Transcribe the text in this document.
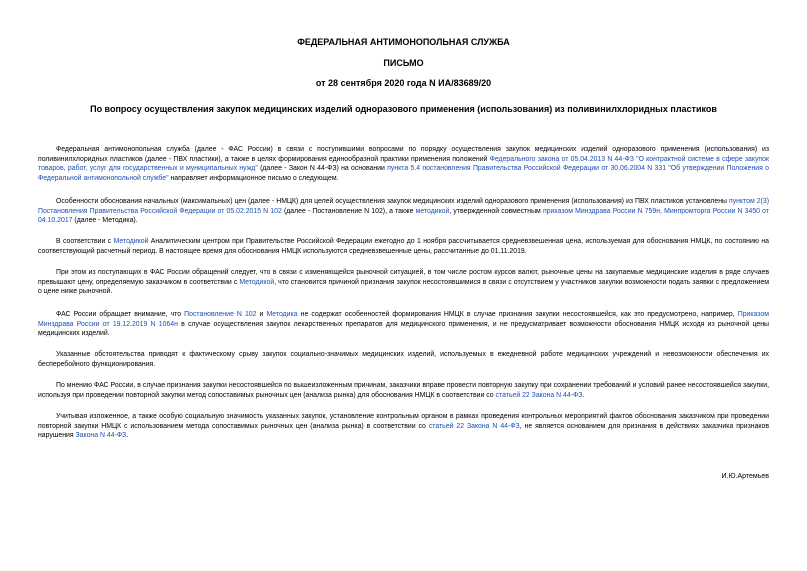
ФЕДЕРАЛЬНАЯ АНТИМОНОПОЛЬНАЯ СЛУЖБА
ПИСЬМО
от 28 сентября 2020 года N ИА/83689/20
По вопросу осуществления закупок медицинских изделий одноразового применения (использования) из поливинилхлоридных пластиков
Федеральная антимонопольная служба (далее - ФАС России) в связи с поступившими вопросами по порядку осуществления закупок медицинских изделий одноразового применения (использования) из поливинилхлоридных пластиков (далее - ПВХ пластики), а также в целях формирования единообразной практики применения положений Федерального закона от 05.04.2013 N 44-ФЗ "О контрактной системе в сфере закупок товаров, работ, услуг для государственных и муниципальных нужд" (далее - Закон N 44-ФЗ) на основании пункта 5.4 постановления Правительства Российской Федерации от 30.06.2004 N 331 "Об утверждении Положения о Федеральной антимонопольной службе" направляет информационное письмо о следующем.
Особенности обоснования начальных (максимальных) цен (далее - НМЦК) для целей осуществления закупок медицинских изделий одноразового применения (использования) из ПВХ пластиков установлены пунктом 2(3) Постановления Правительства Российской Федерации от 05.02.2015 N 102 (далее - Постановление N 102), а также методикой, утвержденной совместным приказом Минздрава России N 759н, Минпромторга России N 3450 от 04.10.2017 (далее - Методика).
В соответствии с Методикой Аналитическим центром при Правительстве Российской Федерации ежегодно до 1 ноября рассчитывается средневзвешенная цена, используемая для обоснования НМЦК, по состоянию на соответствующий расчетный период. В настоящее время для обоснования НМЦК используются средневзвешенные цены, рассчитанные до 01.11.2019.
При этом из поступающих в ФАС России обращений следует, что в связи с изменяющейся рыночной ситуацией, в том числе ростом курсов валют, рыночные цены на закупаемые медицинские изделия в ряде случаев превышают цену, определяемую заказчиком в соответствии с Методикой, что становится причиной признания закупок несостоявшимися в связи с отсутствием у участников закупки возможности подать заявки с предложением о цене ниже рыночной.
ФАС России обращает внимание, что Постановление N 102 и Методика не содержат особенностей формирования НМЦК в случае признания закупки несостоявшейся, как это предусмотрено, например, Приказом Минздрава России от 19.12.2019 N 1064н в случае осуществления закупок лекарственных препаратов для медицинского применения, и не предусматривает возможности обоснования НМЦК исходя из рыночной цены медицинских изделий.
Указанные обстоятельства приводят к фактическому срыву закупок социально-значимых медицинских изделий, используемых в ежедневной работе медицинских учреждений и невозможности обеспечения их бесперебойного функционирования.
По мнению ФАС России, в случае признания закупки несостоявшейся по вышеизложенным причинам, заказчики вправе провести повторную закупку при сохранении требований и условий ранее несостоявшейся закупки, используя при проведении повторной закупки метод сопоставимых рыночных цен (анализа рынка) для обоснования НМЦК в соответствии со статьей 22 Закона N 44-ФЗ.
Учитывая изложенное, а также особую социальную значимость указанных закупок, установление контрольным органом в рамках проведения контрольных мероприятий фактов обоснования заказчиком при проведении повторной закупки НМЦК с использованием метода сопоставимых рыночных цен (анализа рынка) в соответствии со статьей 22 Закона N 44-ФЗ, не является основанием для признания в действиях заказчика признаков нарушения Закона N 44-ФЗ.
И.Ю.Артемьев
